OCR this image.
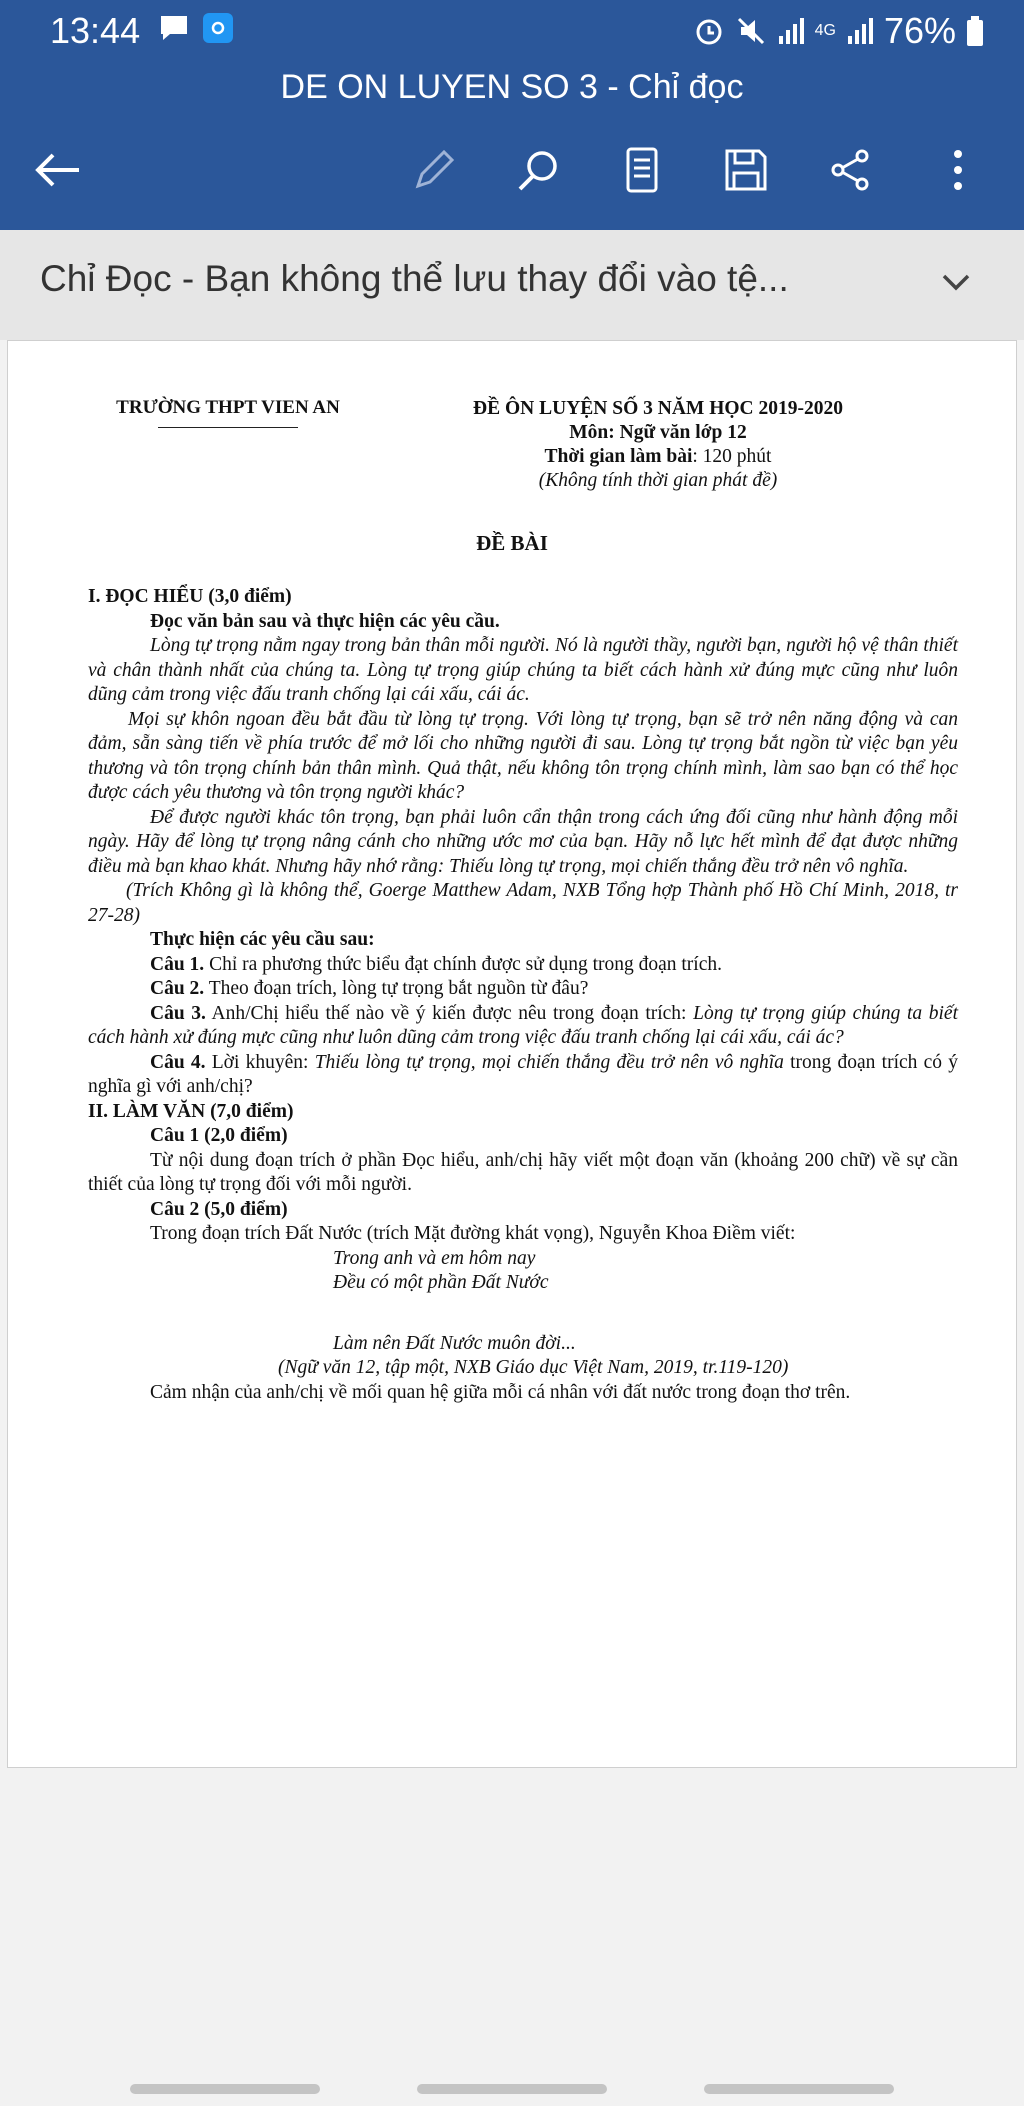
13:44	4G 76%
DE ON LUYEN SO 3 - Chỉ đọc
Chỉ Đọc - Bạn không thể lưu thay đổi vào tệ...
TRƯỜNG THPT VIEN AN	ĐỀ ÔN LUYỆN SỐ 3 NĂM HỌC 2019-2020
Môn: Ngữ văn lớp 12
Thời gian làm bài: 120 phút
(Không tính thời gian phát đề)
ĐỀ BÀI

I. ĐỌC HIỂU (3,0 điểm)

Đọc văn bản sau và thực hiện các yêu cầu.

Lòng tự trọng nằm ngay trong bản thân mỗi người. Nó là người thầy, người bạn, người hộ vệ thân thiết và chân thành nhất của chúng ta. Lòng tự trọng giúp chúng ta biết cách hành xử đúng mực cũng như luôn dũng cảm trong việc đấu tranh chống lại cái xấu, cái ác.

Mọi sự khôn ngoan đều bắt đầu từ lòng tự trọng. Với lòng tự trọng, bạn sẽ trở nên năng động và can đảm, sẵn sàng tiến về phía trước để mở lối cho những người đi sau. Lòng tự trọng bắt ngồn từ việc bạn yêu thương và tôn trọng chính bản thân mình. Quả thật, nếu không tôn trọng chính mình, làm sao bạn có thể học được cách yêu thương và tôn trọng người khác?

Để được người khác tôn trọng, bạn phải luôn cẩn thận trong cách ứng đối cũng như hành động mỗi ngày. Hãy để lòng tự trọng nâng cánh cho những ước mơ của bạn. Hãy nỗ lực hết mình để đạt được những điều mà bạn khao khát. Nhưng hãy nhớ rằng: Thiếu lòng tự trọng, mọi chiến thắng đều trở nên vô nghĩa.

(Trích Không gì là không thể, Goerge Matthew Adam, NXB Tổng hợp Thành phố Hồ Chí Minh, 2018, tr 27-28)

Thực hiện các yêu cầu sau:

Câu 1. Chỉ ra phương thức biểu đạt chính được sử dụng trong đoạn trích.

Câu 2. Theo đoạn trích, lòng tự trọng bắt nguồn từ đâu?

Câu 3. Anh/Chị hiểu thế nào về ý kiến được nêu trong đoạn trích: Lòng tự trọng giúp chúng ta biết cách hành xử đúng mực cũng như luôn dũng cảm trong việc đấu tranh chống lại cái xấu, cái ác?

Câu 4. Lời khuyên: Thiếu lòng tự trọng, mọi chiến thắng đều trở nên vô nghĩa trong đoạn trích có ý nghĩa gì với anh/chị?

II. LÀM VĂN (7,0 điểm)

Câu 1 (2,0 điểm)

Từ nội dung đoạn trích ở phần Đọc hiểu, anh/chị hãy viết một đoạn văn (khoảng 200 chữ) về sự cần thiết của lòng tự trọng đối với mỗi người.

Câu 2 (5,0 điểm)

Trong đoạn trích Đất Nước (trích Mặt đường khát vọng), Nguyễn Khoa Điềm viết:

Trong anh và em hôm nay

Đều có một phần Đất Nước

Làm nên Đất Nước muôn đời...

(Ngữ văn 12, tập một, NXB Giáo dục Việt Nam, 2019, tr.119-120)

Cảm nhận của anh/chị về mối quan hệ giữa mỗi cá nhân với đất nước trong đoạn thơ trên.
